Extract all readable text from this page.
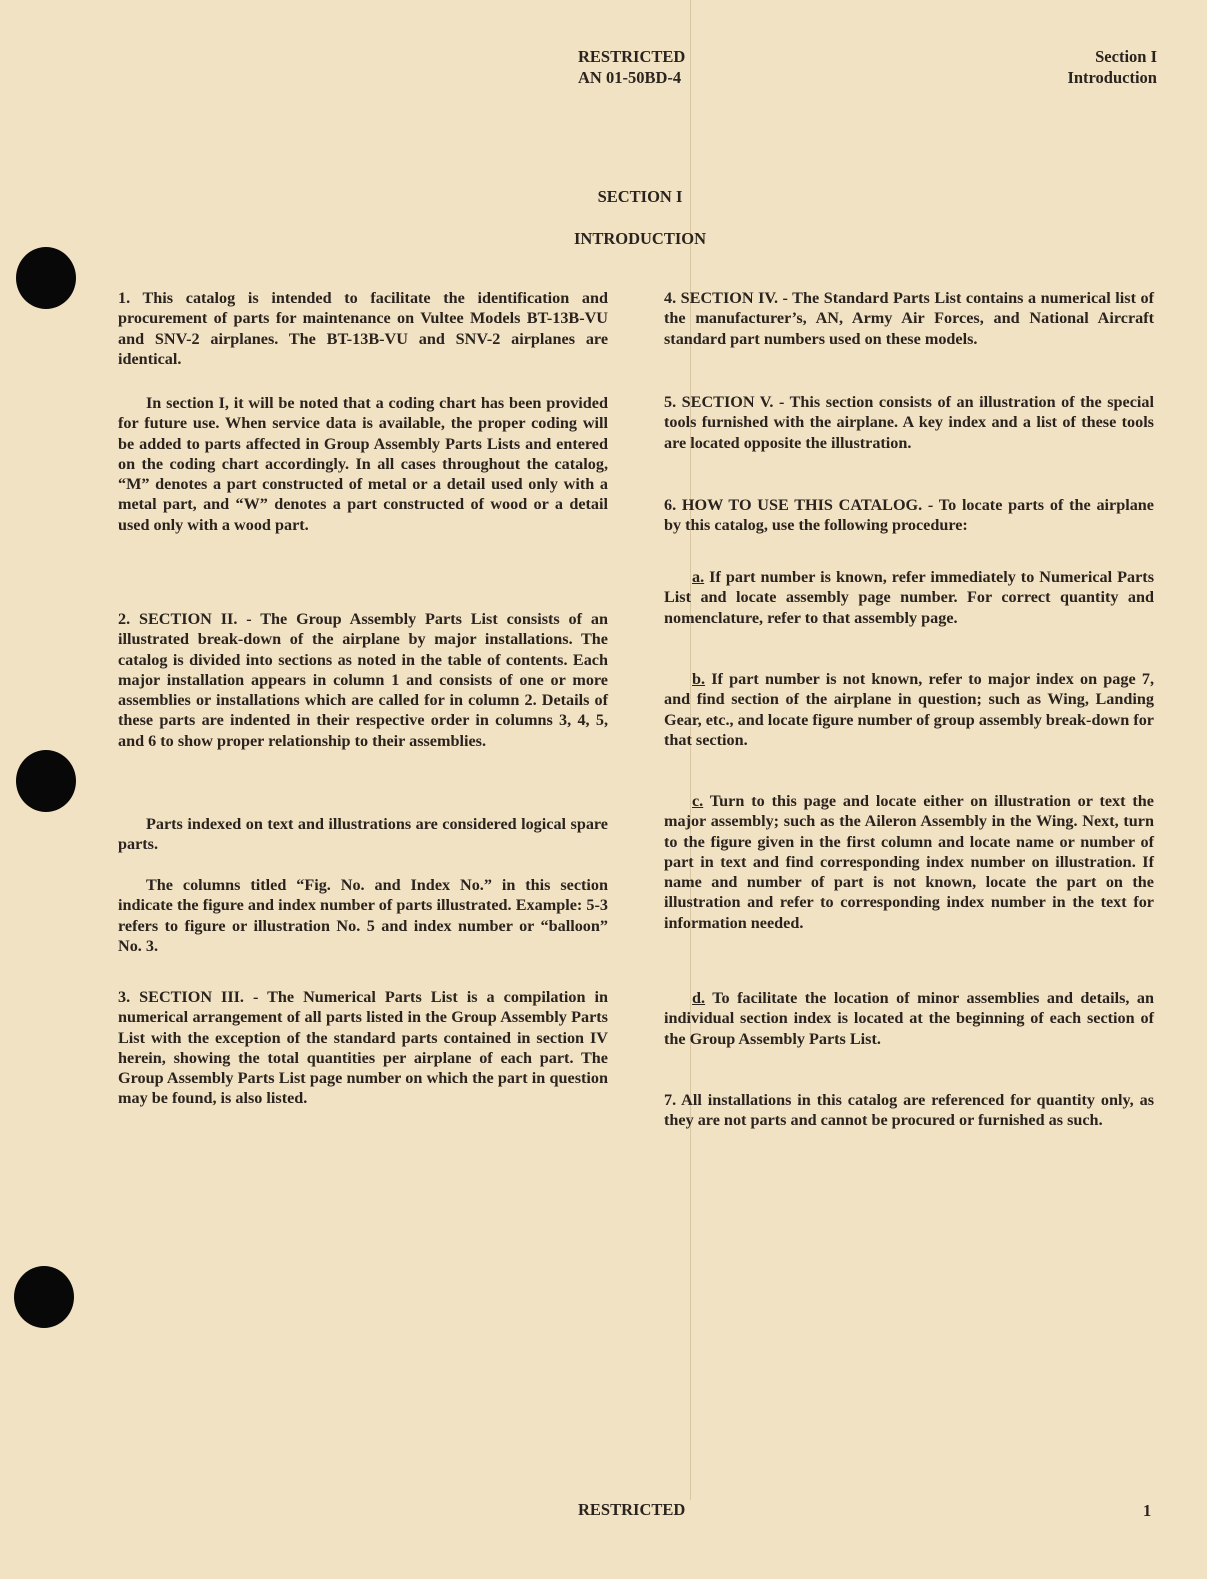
RESTRICTED
AN 01-50BD-4
Section I
Introduction
SECTION I
INTRODUCTION

1. This catalog is intended to facilitate the identification and procurement of parts for maintenance on Vultee Models BT-13B-VU and SNV-2 airplanes. The BT-13B-VU and SNV-2 airplanes are identical.

In section I, it will be noted that a coding chart has been provided for future use. When service data is available, the proper coding will be added to parts affected in Group Assembly Parts Lists and entered on the coding chart accordingly. In all cases throughout the catalog, “M” denotes a part constructed of metal or a detail used only with a metal part, and “W” denotes a part constructed of wood or a detail used only with a wood part.

2. SECTION II. - The Group Assembly Parts List consists of an illustrated break-down of the airplane by major installations. The catalog is divided into sections as noted in the table of contents. Each major installation appears in column 1 and consists of one or more assemblies or installations which are called for in column 2. Details of these parts are indented in their respective order in columns 3, 4, 5, and 6 to show proper relationship to their assemblies.

Parts indexed on text and illustrations are considered logical spare parts.

The columns titled “Fig. No. and Index No.” in this section indicate the figure and index number of parts illustrated. Example: 5-3 refers to figure or illustration No. 5 and index number or “balloon” No. 3.

3. SECTION III. - The Numerical Parts List is a compilation in numerical arrangement of all parts listed in the Group Assembly Parts List with the exception of the standard parts contained in section IV herein, showing the total quantities per airplane of each part. The Group Assembly Parts List page number on which the part in question may be found, is also listed.

4. SECTION IV. - The Standard Parts List contains a numerical list of the manufacturer’s, AN, Army Air Forces, and National Aircraft standard part numbers used on these models.

5. SECTION V. - This section consists of an illustration of the special tools furnished with the airplane. A key index and a list of these tools are located opposite the illustration.

6. HOW TO USE THIS CATALOG. - To locate parts of the airplane by this catalog, use the following procedure:

a. If part number is known, refer immediately to Numerical Parts List and locate assembly page number. For correct quantity and nomenclature, refer to that assembly page.

b. If part number is not known, refer to major index on page 7, and find section of the airplane in question; such as Wing, Landing Gear, etc., and locate figure number of group assembly break-down for that section.

c. Turn to this page and locate either on illustration or text the major assembly; such as the Aileron Assembly in the Wing. Next, turn to the figure given in the first column and locate name or number of part in text and find corresponding index number on illustration. If name and number of part is not known, locate the part on the illustration and refer to corresponding index number in the text for information needed.

d. To facilitate the location of minor assemblies and details, an individual section index is located at the beginning of each section of the Group Assembly Parts List.

7. All installations in this catalog are referenced for quantity only, as they are not parts and cannot be procured or furnished as such.

RESTRICTED	1
